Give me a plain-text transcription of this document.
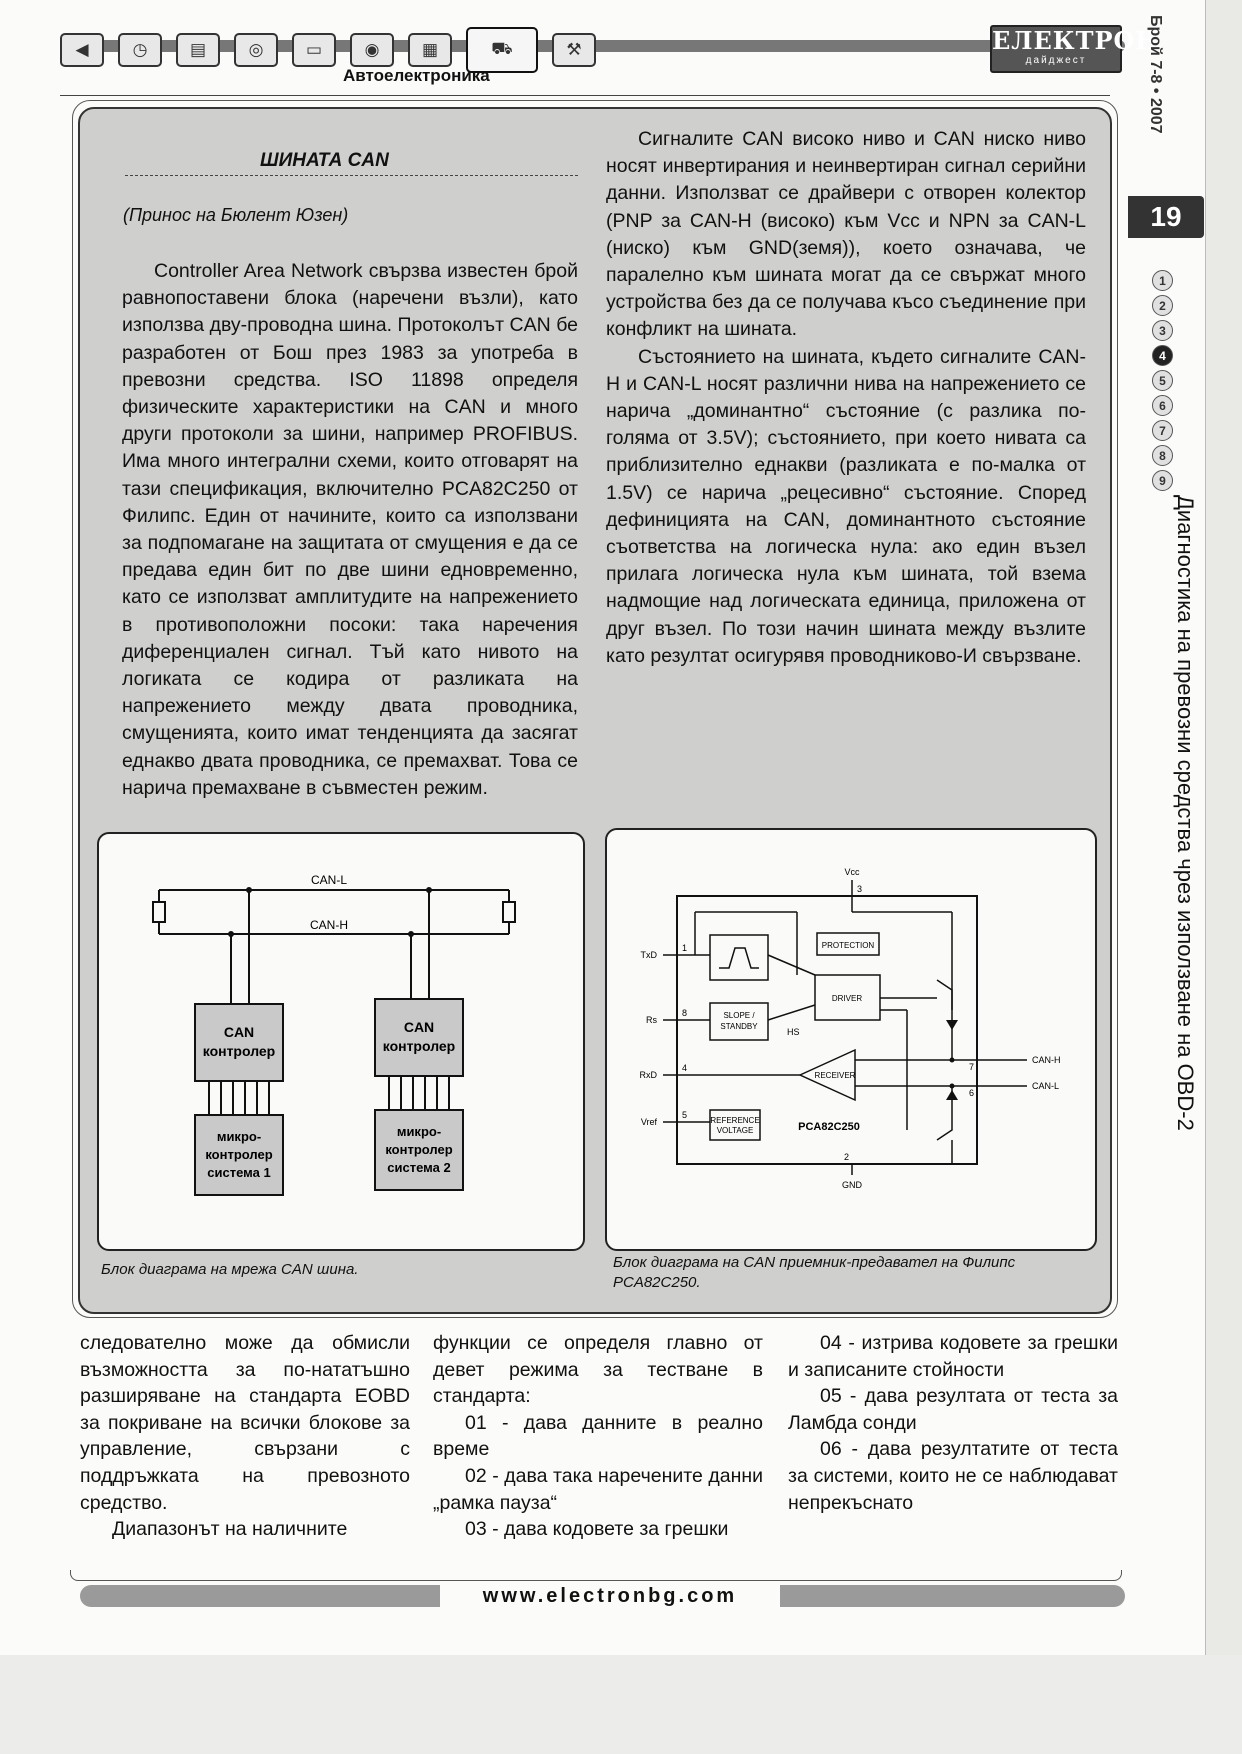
◀	◷	▤	◎	▭	◉	▦	⛟	⚒
Автоелектроника
ЕЛЕКТРОН
дайджест	Брой 7-8 • 2007
19
1
2
3
4
5
6
7
8
9
Диагностика на превозни средства чрез използване на OBD-2
ШИНАТА CAN
(Принос на Бюлент Юзен)

Controller Area Network свързва известен брой равнопоставени блока (наречени възли), като използва дву-проводна шина. Протоколът CAN бе разработен от Бош през 1983 за употреба в превозни средства. ISO 11898 определя физическите характеристики на CAN и много други протоколи за шини, например PROFIBUS. Има много интегрални схеми, които отговарят на тази спецификация, включително PCA82C250 от Филипс. Един от начините, които са използвани за подпомагане на защитата от смущения е да се предава един бит по две шини едновременно, като се използват амплитудите на напрежението в противоположни посоки: така наречения диференциален сигнал. Тъй като нивото на логиката се кодира от разликата на напрежението между двата проводника, смущенията, които имат тенденцията да засягат еднакво двата проводника, се премахват. Това се нарича премахване в съвместен режим.

Сигналите CAN високо ниво и CAN ниско ниво носят инвертирания и неинвертиран сигнал серийни данни. Използват се драйвери с отворен колектор (PNP за CAN-H (високо) към Vcc и NPN за CAN-L (ниско) към GND(земя)), което означава, че паралелно към шината могат да се свържат много устройства без да се получава късо съединение при конфликт на шината.

Състоянието на шината, където сигналите CAN-H и CAN-L носят различни нива на напрежението се нарича „доминантно“ състояние (с разлика по-голяма от 3.5V); състоянието, при което нивата са приблизително еднакви (разликата е по-малка от 1.5V) се нарича „рецесивно“ състояние. Според дефиницията на CAN, доминантното състояние съответства на логическа нула: ако един възел прилага логическа нула към шината, той взема надмощие над логическата единица, приложена от друг възел. По този начин шината между възлите като резултат осигурявя проводниково-И свързване.

CAN-L
CAN-H
CAN
контролер
CAN
контролер
микро-
контролер
система 1
микро-
контролер
система 2
Блок диаграма на мрежа CAN шина.
Vcc
3
GND
2
TxD
1
Rs
8
RxD
4
Vref
5
CAN-H
7
CAN-L
6
HS
PROTECTION
DRIVER
SLOPE /
STANDBY
RECEIVER
REFERENCE
VOLTAGE	PCA82C250
Блок диаграма на CAN приемник-предавател на Филипс PCA82C250.

следователно може да обмисли възможността за по-нататъшно разширяване на стандарта EOBD за покриване на всички блокове за управление, свързани с поддръжката на превозното средство.

Диапазонът на наличните

функции се определя главно от девет режима за тестване в стандарта:

01 - дава данните в реално време

02 - дава така наречените данни „рамка пауза“

03 - дава кодовете за грешки

04 - изтрива кодовете за грешки и записаните стойности

05 - дава резултата от теста за Ламбда сонди

06 - дава резултатите от теста за системи, които не се наблюдават непрекъснато

www.electronbg.com
